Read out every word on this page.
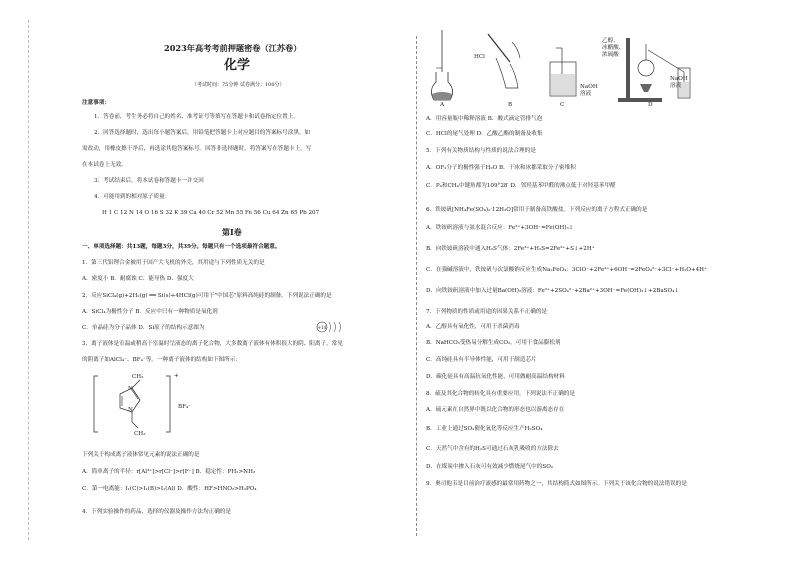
2023年高考考前押题密卷（江苏卷）
化学
（考试时间：75分钟 试卷满分：100分）
注意事项：
1．答卷前，考生务必将自己的姓名、准考证号等填写在答题卡和试卷指定位置上。
2．回答选择题时，选出每小题答案后，用铅笔把答题卡上对应题目的答案标号涂黑。如
需改动，用橡皮擦干净后，再选涂其他答案标号。回答非选择题时，将答案写在答题卡上。写
在本试卷上无效。
3．考试结束后，将本试卷和答题卡一并交回
4．可能用到的相对原子质量：
H 1 C 12 N 14 O 16 S 32 K 39 Ca 40 Cr 52 Mn 55 Fe 56 Cu 64 Zn 65 Pb 207
第Ⅰ卷
一、单项选择题：共13题，每题3分，共39分。每题只有一个选项最符合题意。
1．第三代铝锂合金被用于国产大飞机的外壳，其用途与下列性质无关的是
A．密度小 B．耐腐蚀 C．能导热 D．强度大
2．反应SiCl₄(g)+2H₂(g) ══ Si(s)+4HCl(g)可用于"中国芯"原料高纯硅的制备。下列说法正确的是
A．SiCl₄为极性分子 B．反应中只有一种物质是氧化剂
C．单晶硅为分子晶体 D．Si原子的结构示意图为	+14
3．离子液体是室温或稍高于室温时呈液态的离子化合物，大多数离子液体有体积很大的阴、阳离子，常见
的阴离子如AlCl₄⁻、BF₄⁻等。一种离子液体的结构如下图所示：
CH₃
CH₃
+
N
N	BF₄⁻
下列关于构成离子液体常见元素的说法正确的是
A．简单离子的半径：r[Al³⁺]>r[Cl⁻]>r[F⁻] B．稳定性：PH₃>NH₃
C．第一电离能：I₁(C)>I₁(B)>I₁(Al) D．酸性：HF>HNO₃>H₃PO₄
4．下列实验操作的药品、选择的仪器及操作方法均正确的是
HCl
NaOH
溶液
乙醇、
冰醋酸、
浓硫酸
NaOH
溶液
A	B	C	D
A．用容量瓶中稀释溶液 B．酸式滴定管排气泡
C．HCl的尾气处理 D．乙酸乙酯的制备及收集
5．下列有关物质结构与性质的说法合理的是
A．OF₂分子的极性强于H₂O B．干冰和冰都采取分子密堆积
C．P₄和CH₄中键角都为109°28′ D．邻羟基苯甲醛的沸点低于对羟基苯甲醛
6．铁铵矾[NH₄Fe(SO₄)₂·12H₂O]常用于制备高铁酸盐。下列反应的离子方程式正确的是
A．铁铵矾溶液与氨水混合反应：Fe³⁺+3OH⁻=Fe(OH)₃↓
B．向铁铵矾溶液中通入H₂S气体：2Fe³⁺+H₂S=2Fe²⁺+S↓+2H⁺
C．在强碱溶液中，铁铵矾与次氯酸钠反应生成Na₂FeO₄：3ClO⁻+2Fe³⁺+6OH⁻=2FeO₄²⁻+3Cl⁻+H₂O+4H⁺
D．向铁铵矾溶液中加入过量Ba(OH)₂溶液：Fe³⁺+2SO₄²⁻+2Ba²⁺+3OH⁻=Fe(OH)₃↓+2BaSO₄↓
7．下列物质的性质或用途的因果关系不正确的是
A．乙醇具有氧化性，可用于杀菌消毒
B．NaHCO₃受热易分解生成CO₂，可用于食品膨松剂
C．高纯硅具有半导体性能，可用于制造芯片
D．碳化硅具有高温抗氧化性能，可用做耐高温结构材料
8．硫及其化合物的转化具有重要应用。下列说法不正确的是
A．硫元素在自然界中既以化合物的形态也以游离态存在
B．工业上通过SO₂催化氧化等反应生产H₂SO₄
C．天然气中含有的H₂S可通过石灰乳吸收的方法除去
D．在煤炭中掺入石灰可有效减少燃烧尾气中的SO₂
9．奥司他韦是目前治疗流感的最常用药物之一，其结构简式如图所示。下列关于该化合物的说法错误的是
